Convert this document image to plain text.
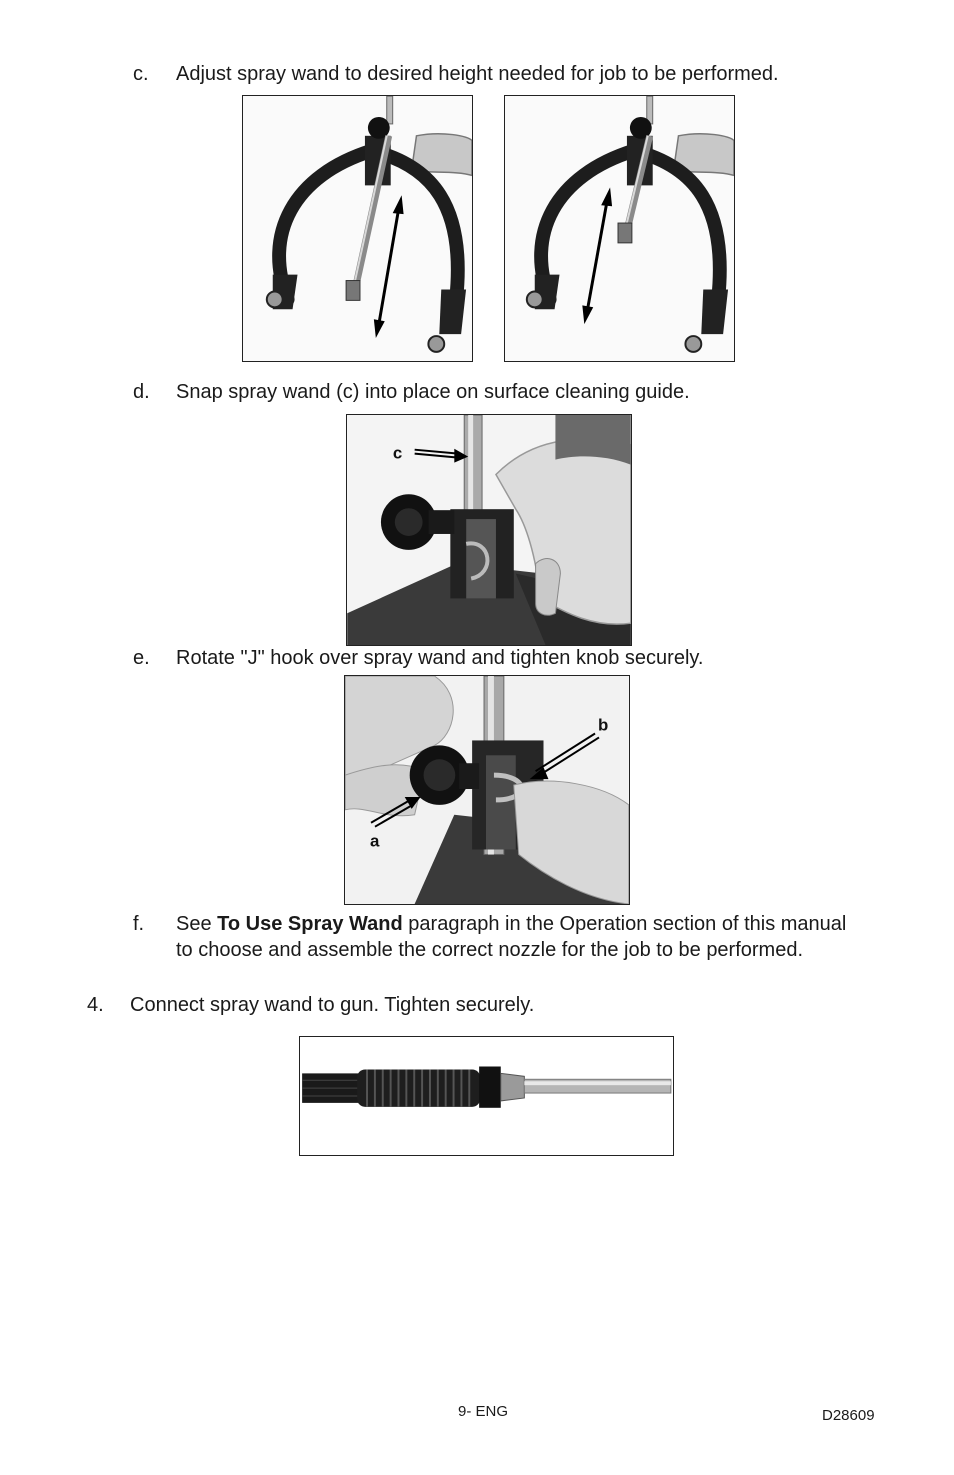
c. Adjust spray wand to desired height needed for job to be performed.
d. Snap spray wand (c) into place on surface cleaning guide.
c
e. Rotate "J" hook over spray wand and tighten knob securely.
b
a
f. See To Use Spray Wand paragraph in the Operation section of this manual to choose and assemble the correct nozzle for the job to be performed.
4. Connect spray wand to gun. Tighten securely.
9- ENG	D28609
